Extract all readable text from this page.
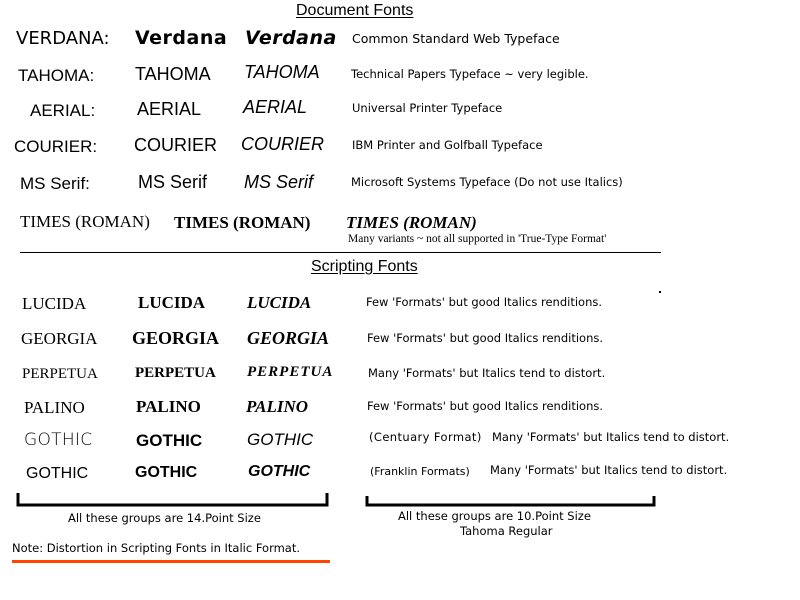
Document Fonts
VERDANA: Verdana Verdana Common Standard Web Typeface
TAHOMA: TAHOMA TAHOMA	Technical Papers Typeface ~ very legible.
AERIAL: AERIAL AERIAL	Universal Printer Typeface
COURIER: COURIER COURIER IBM Printer and Golfball Typeface
MS Serif:	MS Serif MS Serif	Microsoft Systems Typeface (Do not use Italics)
TIMES (ROMAN) TIMES (ROMAN) TIMES (ROMAN)
Many variants ~ not all supported in 'True-Type Format'
Scripting Fonts
LUCIDA	LUCIDA LUCIDA	Few 'Formats' but good Italics renditions.
GEORGIA GEORGIA GEORGIA	Few 'Formats' but good Italics renditions.
PERPETUA PERPETUA PERPETUA	Many 'Formats' but Italics tend to distort.
PALINO	PALINO	PALINO	Few 'Formats' but good Italics renditions.
GOTHIC	GOTHIC	GOTHIC	(Centuary Format) Many 'Formats' but Italics tend to distort.
GOTHIC	GOTHIC	GOTHIC	(Franklin Formats) Many 'Formats' but Italics tend to distort.
All these groups are 14.Point Size	All these groups are 10.Point Size
Tahoma Regular
Note: Distortion in Scripting Fonts in Italic Format.
